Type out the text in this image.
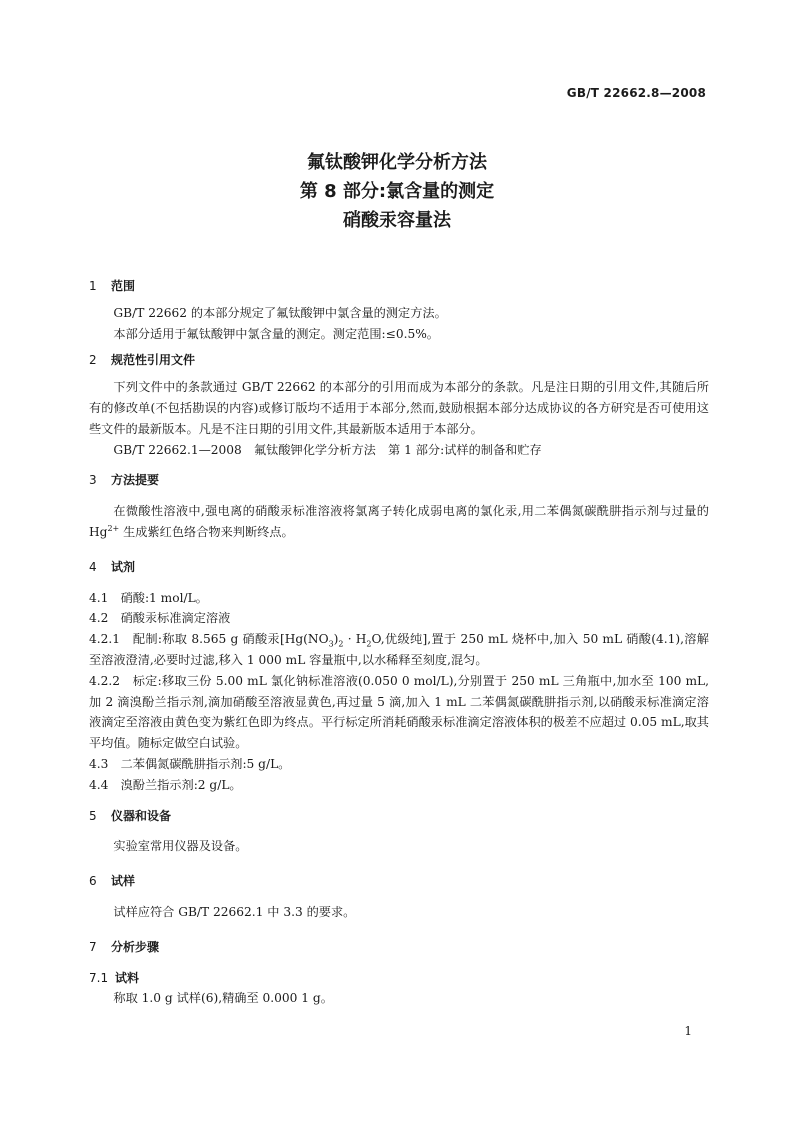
GB/T 22662.8—2008
氟钛酸钾化学分析方法
第 8 部分:氯含量的测定
硝酸汞容量法
1 范围

GB/T 22662 的本部分规定了氟钛酸钾中氯含量的测定方法。

本部分适用于氟钛酸钾中氯含量的测定。测定范围:≤0.5%。

2 规范性引用文件

下列文件中的条款通过 GB/T 22662 的本部分的引用而成为本部分的条款。凡是注日期的引用文件,其随后所有的修改单(不包括勘误的内容)或修订版均不适用于本部分,然而,鼓励根据本部分达成协议的各方研究是否可使用这些文件的最新版本。凡是不注日期的引用文件,其最新版本适用于本部分。

GB/T 22662.1—2008　氟钛酸钾化学分析方法　第 1 部分:试样的制备和贮存

3 方法提要

在微酸性溶液中,强电离的硝酸汞标准溶液将氯离子转化成弱电离的氯化汞,用二苯偶氮碳酰肼指示剂与过量的 $Hg^{2+}$ 生成紫红色络合物来判断终点。

4 试剂

4.1　硝酸:1 mol/L。

4.2　硝酸汞标准滴定溶液

4.2.1　配制:称取 8.565 g 硝酸汞[$Hg(NO_3)_2 \cdot H_2O$,优级纯],置于 250 mL 烧杯中,加入 50 mL 硝酸(4.1),溶解至溶液澄清,必要时过滤,移入 1 000 mL 容量瓶中,以水稀释至刻度,混匀。

4.2.2　标定:移取三份 5.00 mL 氯化钠标准溶液(0.050 0 mol/L),分别置于 250 mL 三角瓶中,加水至 100 mL,加 2 滴溴酚兰指示剂,滴加硝酸至溶液显黄色,再过量 5 滴,加入 1 mL 二苯偶氮碳酰肼指示剂,以硝酸汞标准滴定溶液滴定至溶液由黄色变为紫红色即为终点。平行标定所消耗硝酸汞标准滴定溶液体积的极差不应超过 0.05 mL,取其平均值。随标定做空白试验。

4.3　二苯偶氮碳酰肼指示剂:5 g/L。

4.4　溴酚兰指示剂:2 g/L。

5 仪器和设备

实验室常用仪器及设备。

6 试样

试样应符合 GB/T 22662.1 中 3.3 的要求。

7 分析步骤
7.1 试料

称取 1.0 g 试样(6),精确至 0.000 1 g。

1
